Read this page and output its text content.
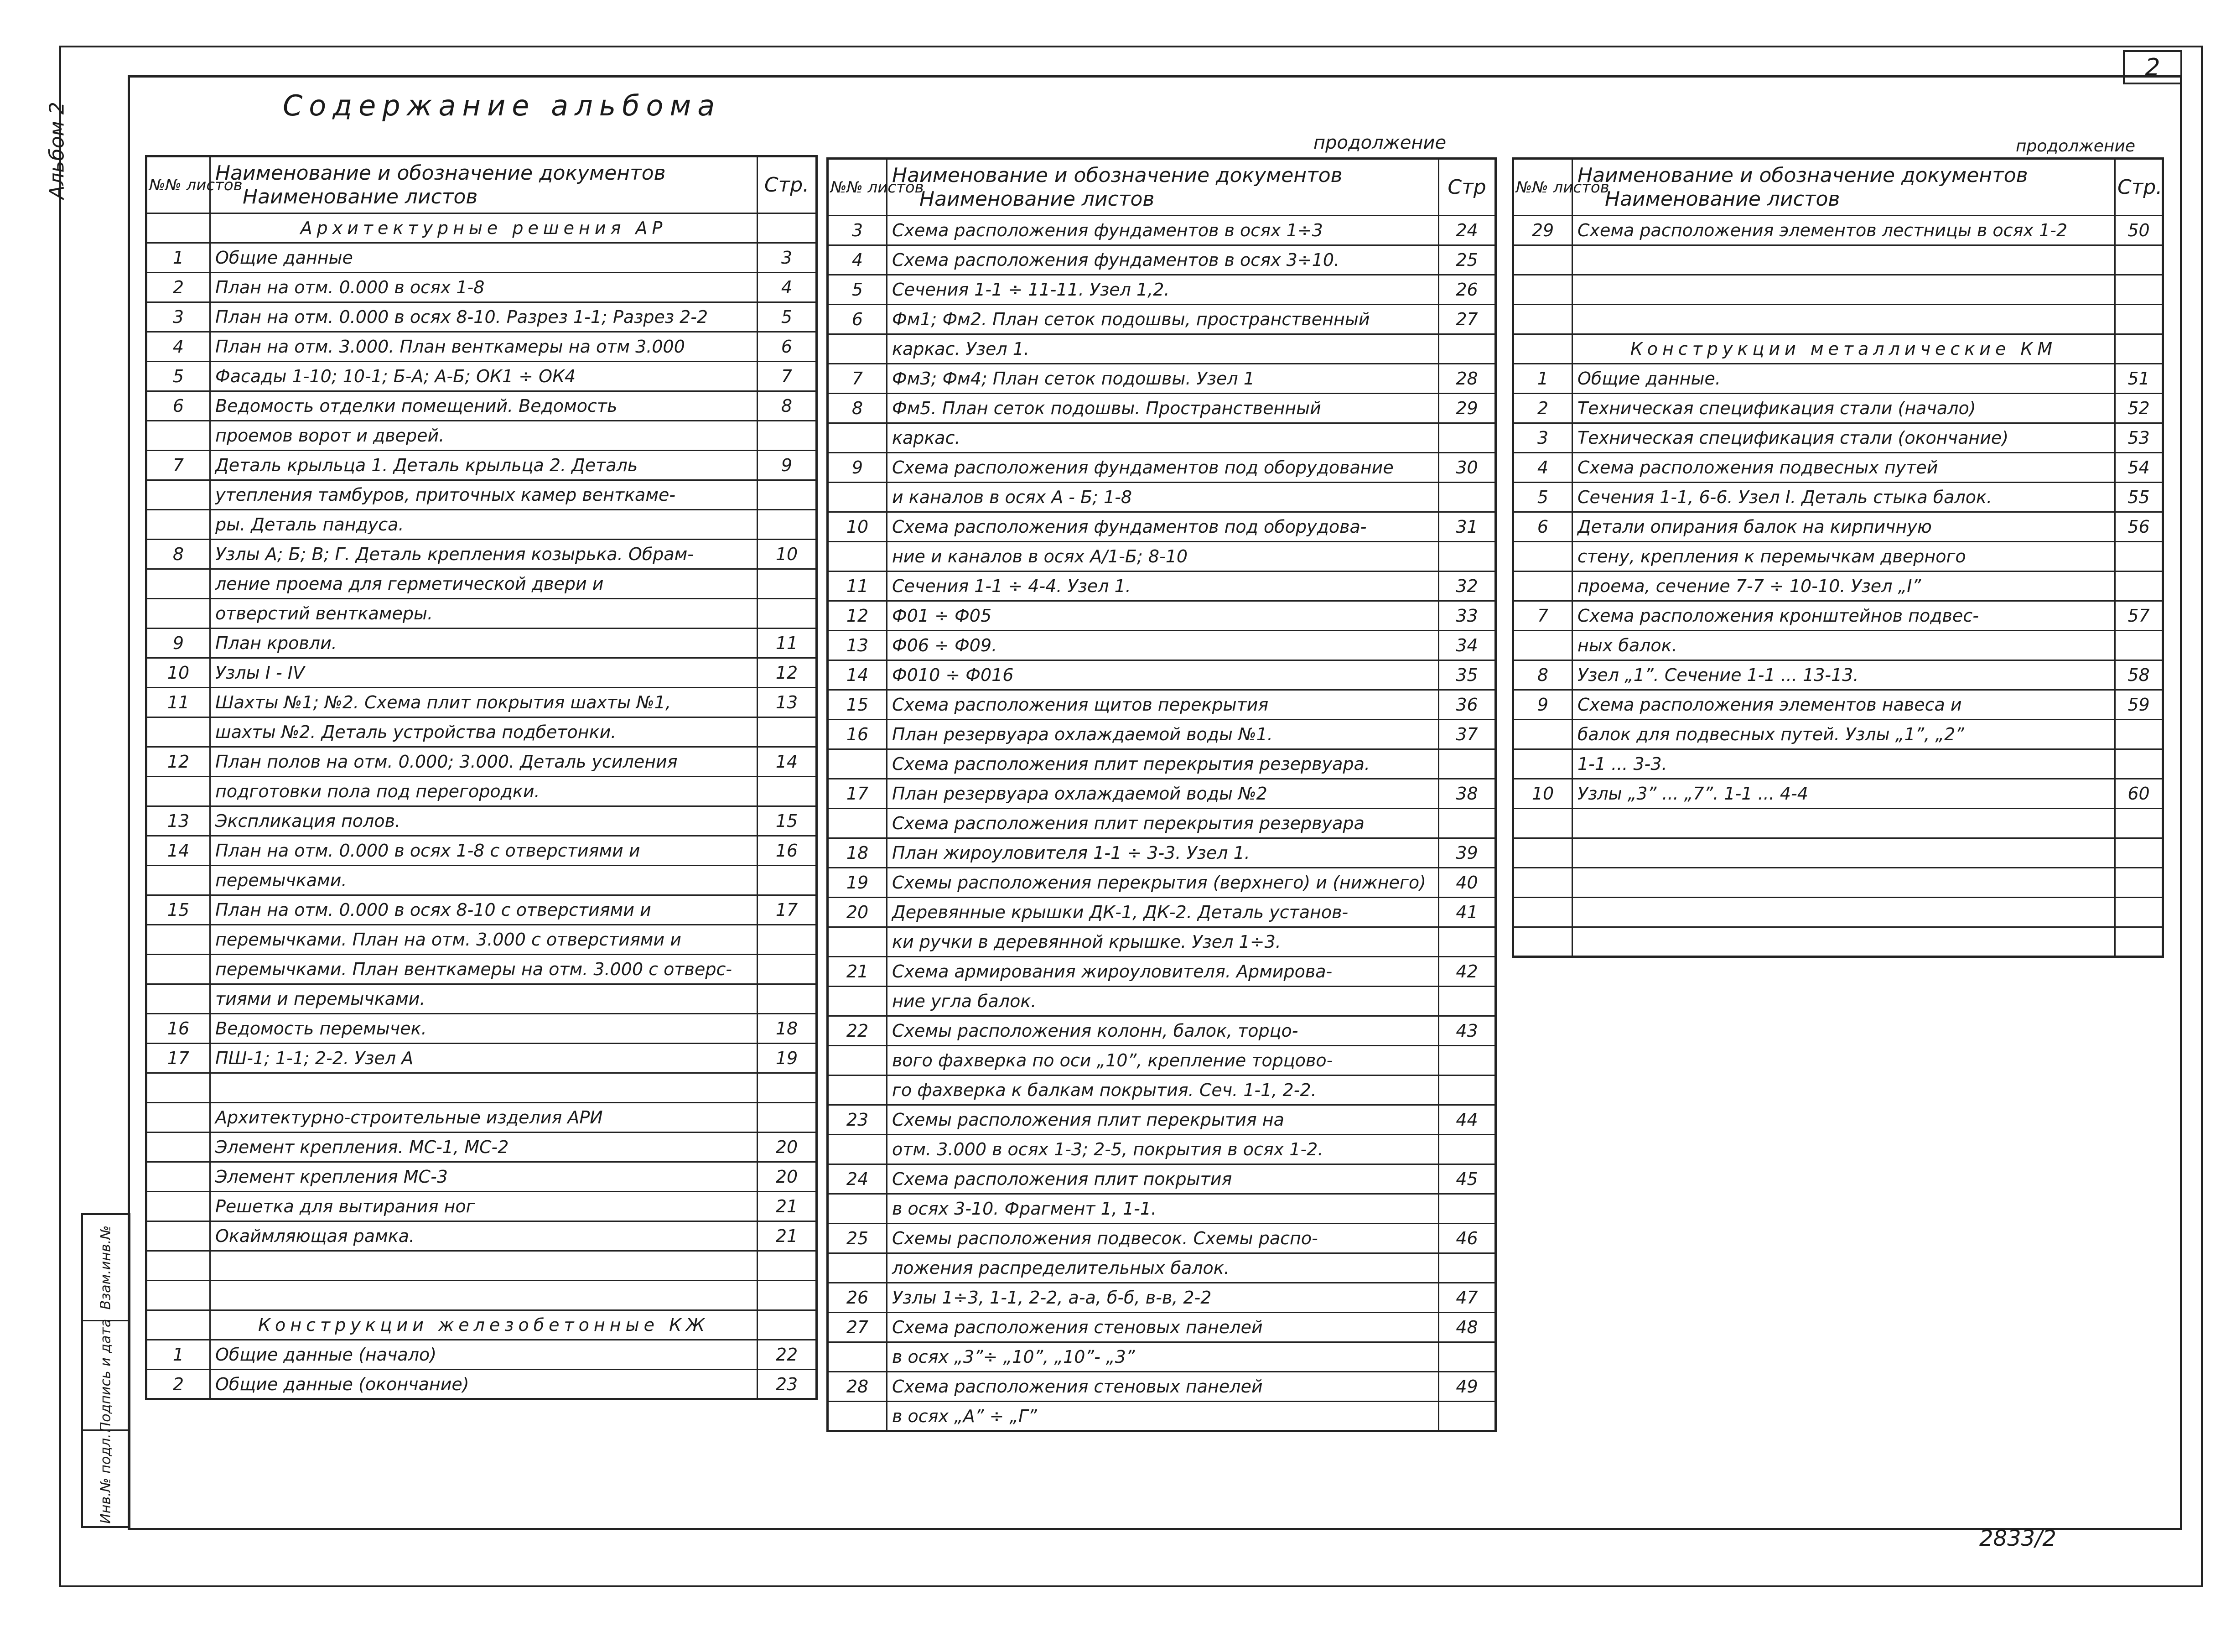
2
Альбом 2
Взам.инв.№
Подпись и дата
Инв.№ подл.
Содержание альбома
продолжение	продолжение
№№ листов	Наименование и обозначение документов
Наименование листов	Стр.
	Архитектурные решения АР	
1	Общие данные	3
2	План на отм. 0.000 в осях 1-8	4
3	План на отм. 0.000 в осях 8-10. Разрез 1-1; Разрез 2-2	5
4	План на отм. 3.000. План венткамеры на отм 3.000	6
5	Фасады 1-10; 10-1; Б-А; А-Б; ОК1 ÷ ОК4	7
6	Ведомость отделки помещений. Ведомость	8
	проемов ворот и дверей.	
7	Деталь крыльца 1. Деталь крыльца 2. Деталь	9
	утепления тамбуров, приточных камер венткаме-	
	ры. Деталь пандуса.	
8	Узлы А; Б; В; Г. Деталь крепления козырька. Обрам-	10
	ление проема для герметической двери и	
	отверстий венткамеры.	
9	План кровли.	11
10	Узлы I - IV	12
11	Шахты №1; №2. Схема плит покрытия шахты №1,	13
	шахты №2. Деталь устройства подбетонки.	
12	План полов на отм. 0.000; 3.000. Деталь усиления	14
	подготовки пола под перегородки.	
13	Экспликация полов.	15
14	План на отм. 0.000 в осях 1-8 с отверстиями и	16
	перемычками.	
15	План на отм. 0.000 в осях 8-10 с отверстиями и	17
	перемычками. План на отм. 3.000 с отверстиями и	
	перемычками. План венткамеры на отм. 3.000 с отверс-	
	тиями и перемычками.	
16	Ведомость перемычек.	18
17	ПШ-1; 1-1; 2-2. Узел А	19

	Архитектурно-строительные изделия АРИ	
	Элемент крепления. МС-1, МС-2	20
	Элемент крепления МС-3	20
	Решетка для вытирания ног	21
	Окаймляющая рамка.	21

	Конструкции железобетонные КЖ	
1	Общие данные (начало)	22
2	Общие данные (окончание)	23
№№ листов	Наименование и обозначение документов
Наименование листов	Стр
3	Схема расположения фундаментов в осях 1÷3	24
4	Схема расположения фундаментов в осях 3÷10.	25
5	Сечения 1-1 ÷ 11-11. Узел 1,2.	26
6	Фм1; Фм2. План сеток подошвы, пространственный	27
	каркас. Узел 1.	
7	Фм3; Фм4; План сеток подошвы. Узел 1	28
8	Фм5. План сеток подошвы. Пространственный	29
	каркас.	
9	Схема расположения фундаментов под оборудование	30
	и каналов в осях А - Б; 1-8	
10	Схема расположения фундаментов под оборудова-	31
	ние и каналов в осях А/1-Б; 8-10	
11	Сечения 1-1 ÷ 4-4. Узел 1.	32
12	Ф01 ÷ Ф05	33
13	Ф06 ÷ Ф09.	34
14	Ф010 ÷ Ф016	35
15	Схема расположения щитов перекрытия	36
16	План резервуара охлаждаемой воды №1.	37
	Схема расположения плит перекрытия резервуара.	
17	План резервуара охлаждаемой воды №2	38
	Схема расположения плит перекрытия резервуара	
18	План жироуловителя 1-1 ÷ 3-3. Узел 1.	39
19	Схемы расположения перекрытия (верхнего) и (нижнего)	40
20	Деревянные крышки ДК-1, ДК-2. Деталь установ-	41
	ки ручки в деревянной крышке. Узел 1÷3.	
21	Схема армирования жироуловителя. Армирова-	42
	ние угла балок.	
22	Схемы расположения колонн, балок, торцо-	43
	вого фахверка по оси „10”, крепление торцово-	
	го фахверка к балкам покрытия. Сеч. 1-1, 2-2.	
23	Схемы расположения плит перекрытия на	44
	отм. 3.000 в осях 1-3; 2-5, покрытия в осях 1-2.	
24	Схема расположения плит покрытия	45
	в осях 3-10. Фрагмент 1, 1-1.	
25	Схемы расположения подвесок. Схемы распо-	46
	ложения распределительных балок.	
26	Узлы 1÷3, 1-1, 2-2, а-а, б-б, в-в, 2-2	47
27	Схема расположения стеновых панелей	48
	в осях „3”÷ „10”, „10”- „3”	
28	Схема расположения стеновых панелей	49
	в осях „А” ÷ „Г”	
№№ листов	Наименование и обозначение документов
Наименование листов	Стр.
29	Схема расположения элементов лестницы в осях 1-2	50

	Конструкции металлические КМ	
1	Общие данные.	51
2	Техническая спецификация стали (начало)	52
3	Техническая спецификация стали (окончание)	53
4	Схема расположения подвесных путей	54
5	Сечения 1-1, 6-6. Узел I. Деталь стыка балок.	55
6	Детали опирания балок на кирпичную	56
	стену, крепления к перемычкам дверного	
	проема, сечение 7-7 ÷ 10-10. Узел „I”	
7	Схема расположения кронштейнов подвес-	57
	ных балок.	
8	Узел „1”. Сечение 1-1 ... 13-13.	58
9	Схема расположения элементов навеса и	59
	балок для подвесных путей. Узлы „1”, „2”	
	1-1 ... 3-3.	
10	Узлы „3” ... „7”. 1-1 ... 4-4	60

2833/2
